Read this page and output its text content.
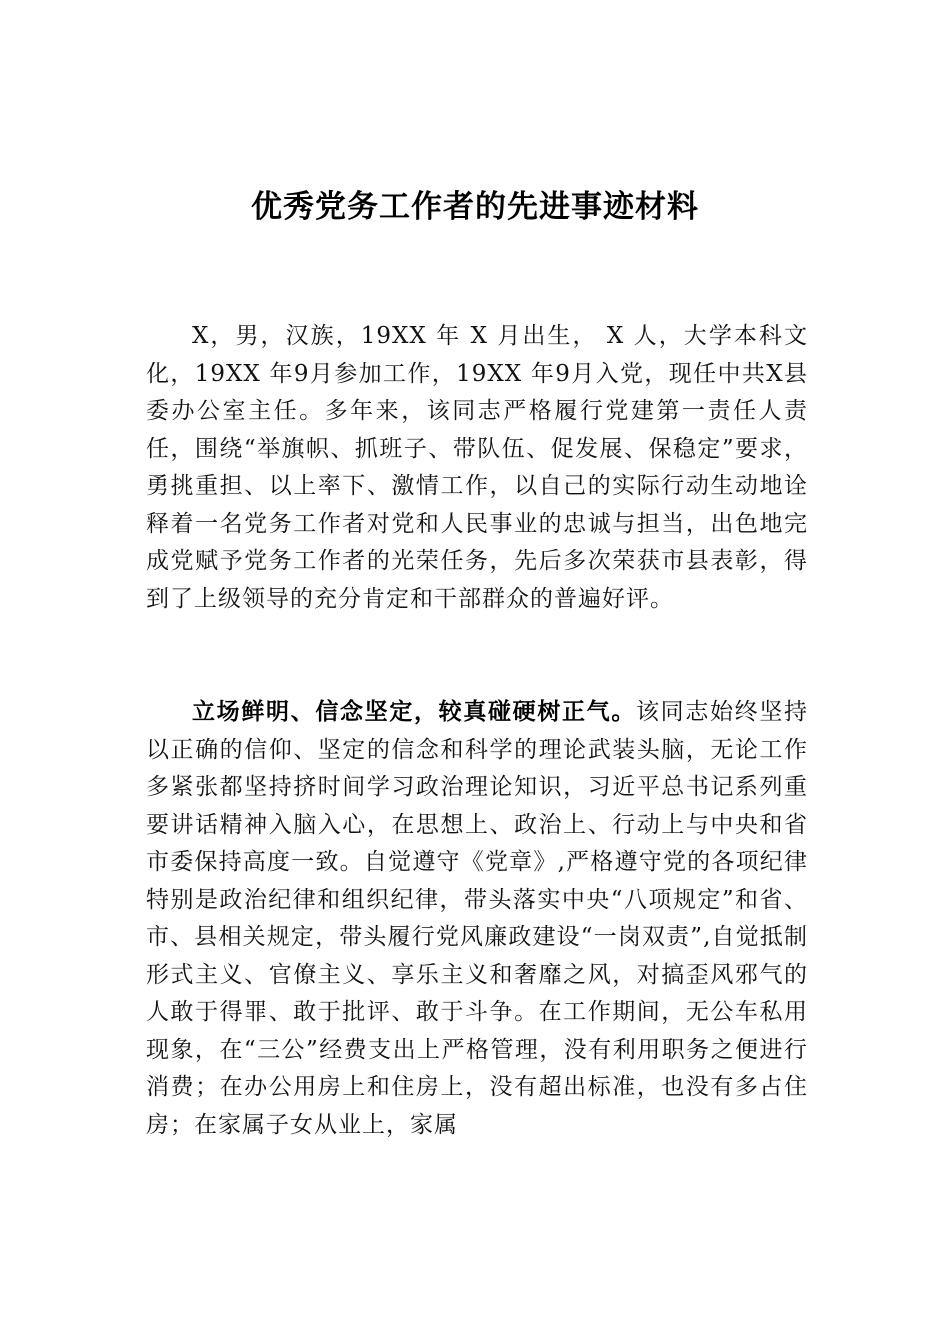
优秀党务工作者的先进事迹材料

X，男，汉族，19XX 年 X 月出生， X 人，大学本科文化，19XX 年9月参加工作，19XX 年9月入党，现任中共X县委办公室主任。多年来，该同志严格履行党建第一责任人责任，围绕“举旗帜、抓班子、带队伍、促发展、保稳定”要求，勇挑重担、以上率下、激情工作，以自己的实际行动生动地诠释着一名党务工作者对党和人民事业的忠诚与担当，出色地完成党赋予党务工作者的光荣任务，先后多次荣获市县表彰，得到了上级领导的充分肯定和干部群众的普遍好评。

立场鲜明、信念坚定，较真碰硬树正气。该同志始终坚持以正确的信仰、坚定的信念和科学的理论武装头脑，无论工作多紧张都坚持挤时间学习政治理论知识，习近平总书记系列重要讲话精神入脑入心，在思想上、政治上、行动上与中央和省市委保持高度一致。自觉遵守《党章》,严格遵守党的各项纪律特别是政治纪律和组织纪律，带头落实中央“八项规定”和省、市、县相关规定，带头履行党风廉政建设“一岗双责”,自觉抵制形式主义、官僚主义、享乐主义和奢靡之风，对搞歪风邪气的人敢于得罪、敢于批评、敢于斗争。在工作期间，无公车私用现象，在“三公”经费支出上严格管理，没有利用职务之便进行消费；在办公用房上和住房上，没有超出标准，也没有多占住房；在家属子女从业上，家属
